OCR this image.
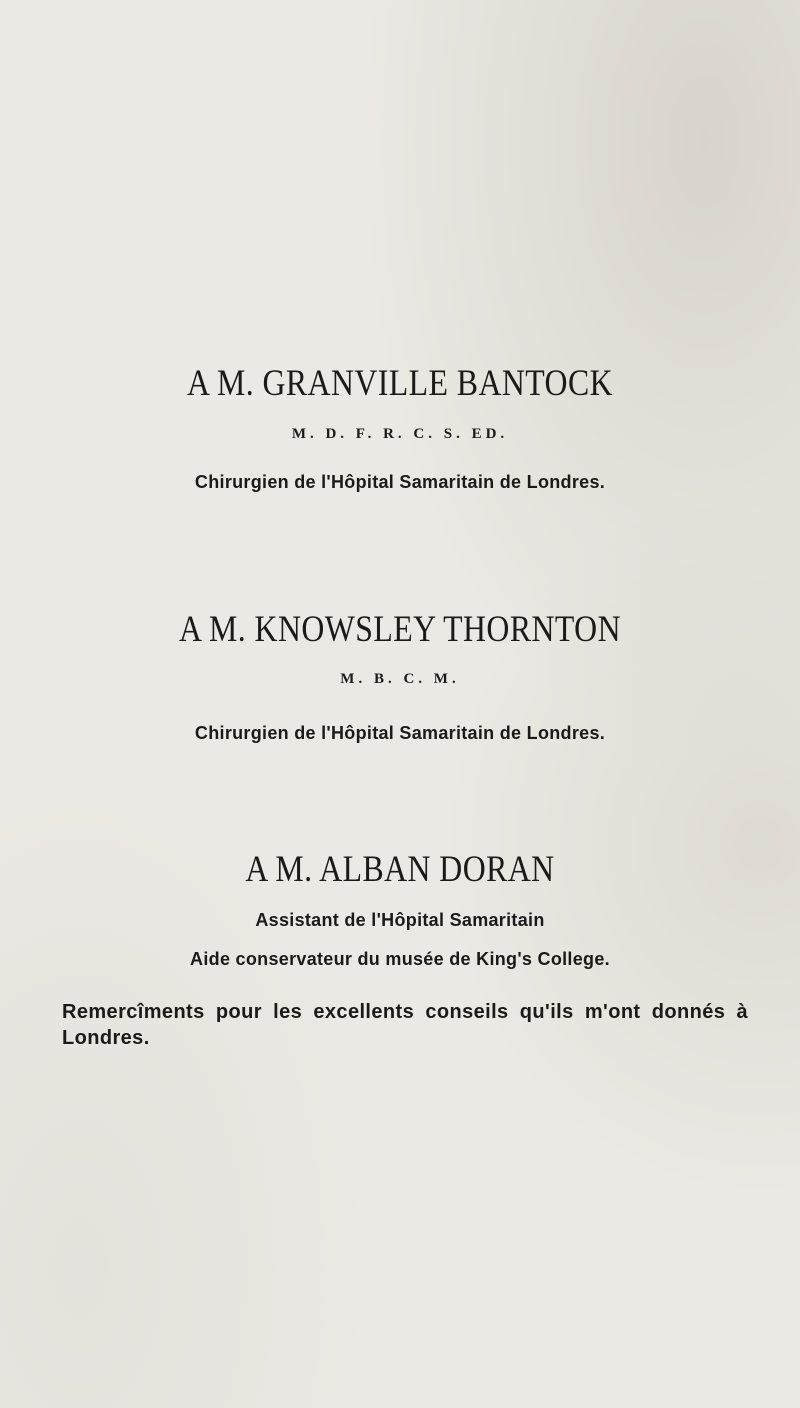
A M. GRANVILLE BANTOCK
M. D. F. R. C. S. ED.
Chirurgien de l'Hôpital Samaritain de Londres.
A M. KNOWSLEY THORNTON
M. B. C. M.
Chirurgien de l'Hôpital Samaritain de Londres.
A M. ALBAN DORAN
Assistant de l'Hôpital Samaritain
Aide conservateur du musée de King's College.
Remercîments pour les excellents conseils qu'ils m'ont donnés à Londres.
